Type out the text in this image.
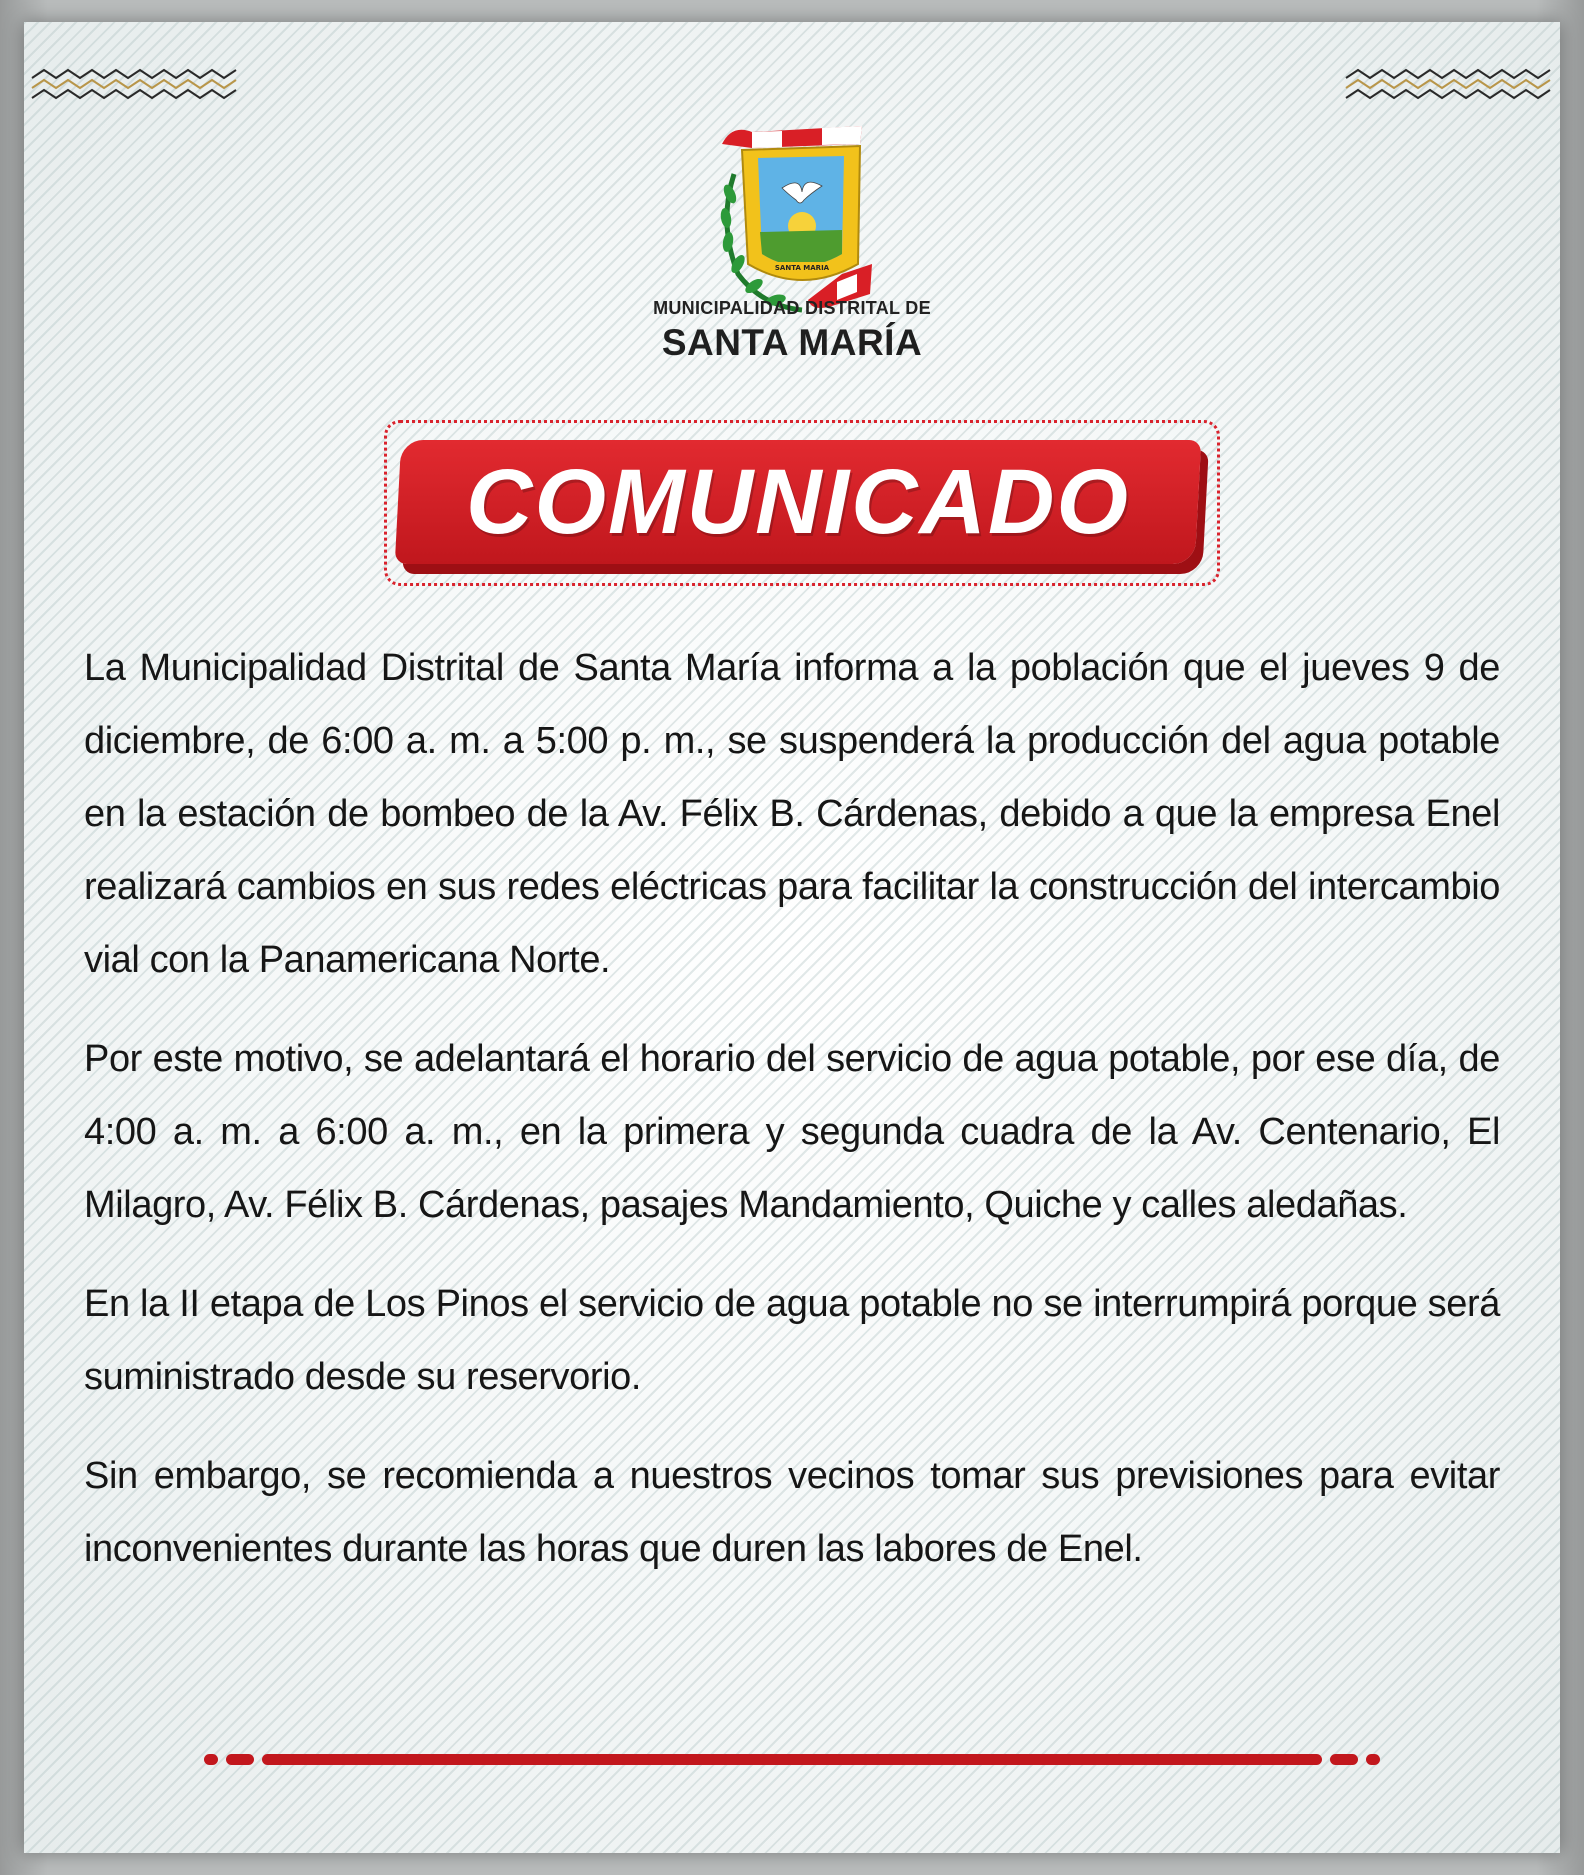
SANTA MARIA
MUNICIPALIDAD DISTRITAL DE
SANTA MARÍA
COMUNICADO

La Municipalidad Distrital de Santa María informa a la población que el jueves 9 de diciembre, de 6:00 a. m. a 5:00 p. m., se suspenderá la producción del agua potable en la estación de bombeo de la Av. Félix B. Cárdenas, debido a que la empresa Enel realizará cambios en sus redes eléctricas para facilitar la construcción del intercambio vial con la Panamericana Norte.

Por este motivo, se adelantará el horario del servicio de agua potable, por ese día, de 4:00 a. m. a 6:00 a. m., en la primera y segunda cuadra de la Av. Centenario, El Milagro, Av. Félix B. Cárdenas, pasajes Mandamiento, Quiche y calles aledañas.

En la II etapa de Los Pinos el servicio de agua potable no se interrumpirá porque será suministrado desde su reservorio.

Sin embargo, se recomienda a nuestros vecinos tomar sus previsiones para evitar inconvenientes durante las horas que duren las labores de Enel.
